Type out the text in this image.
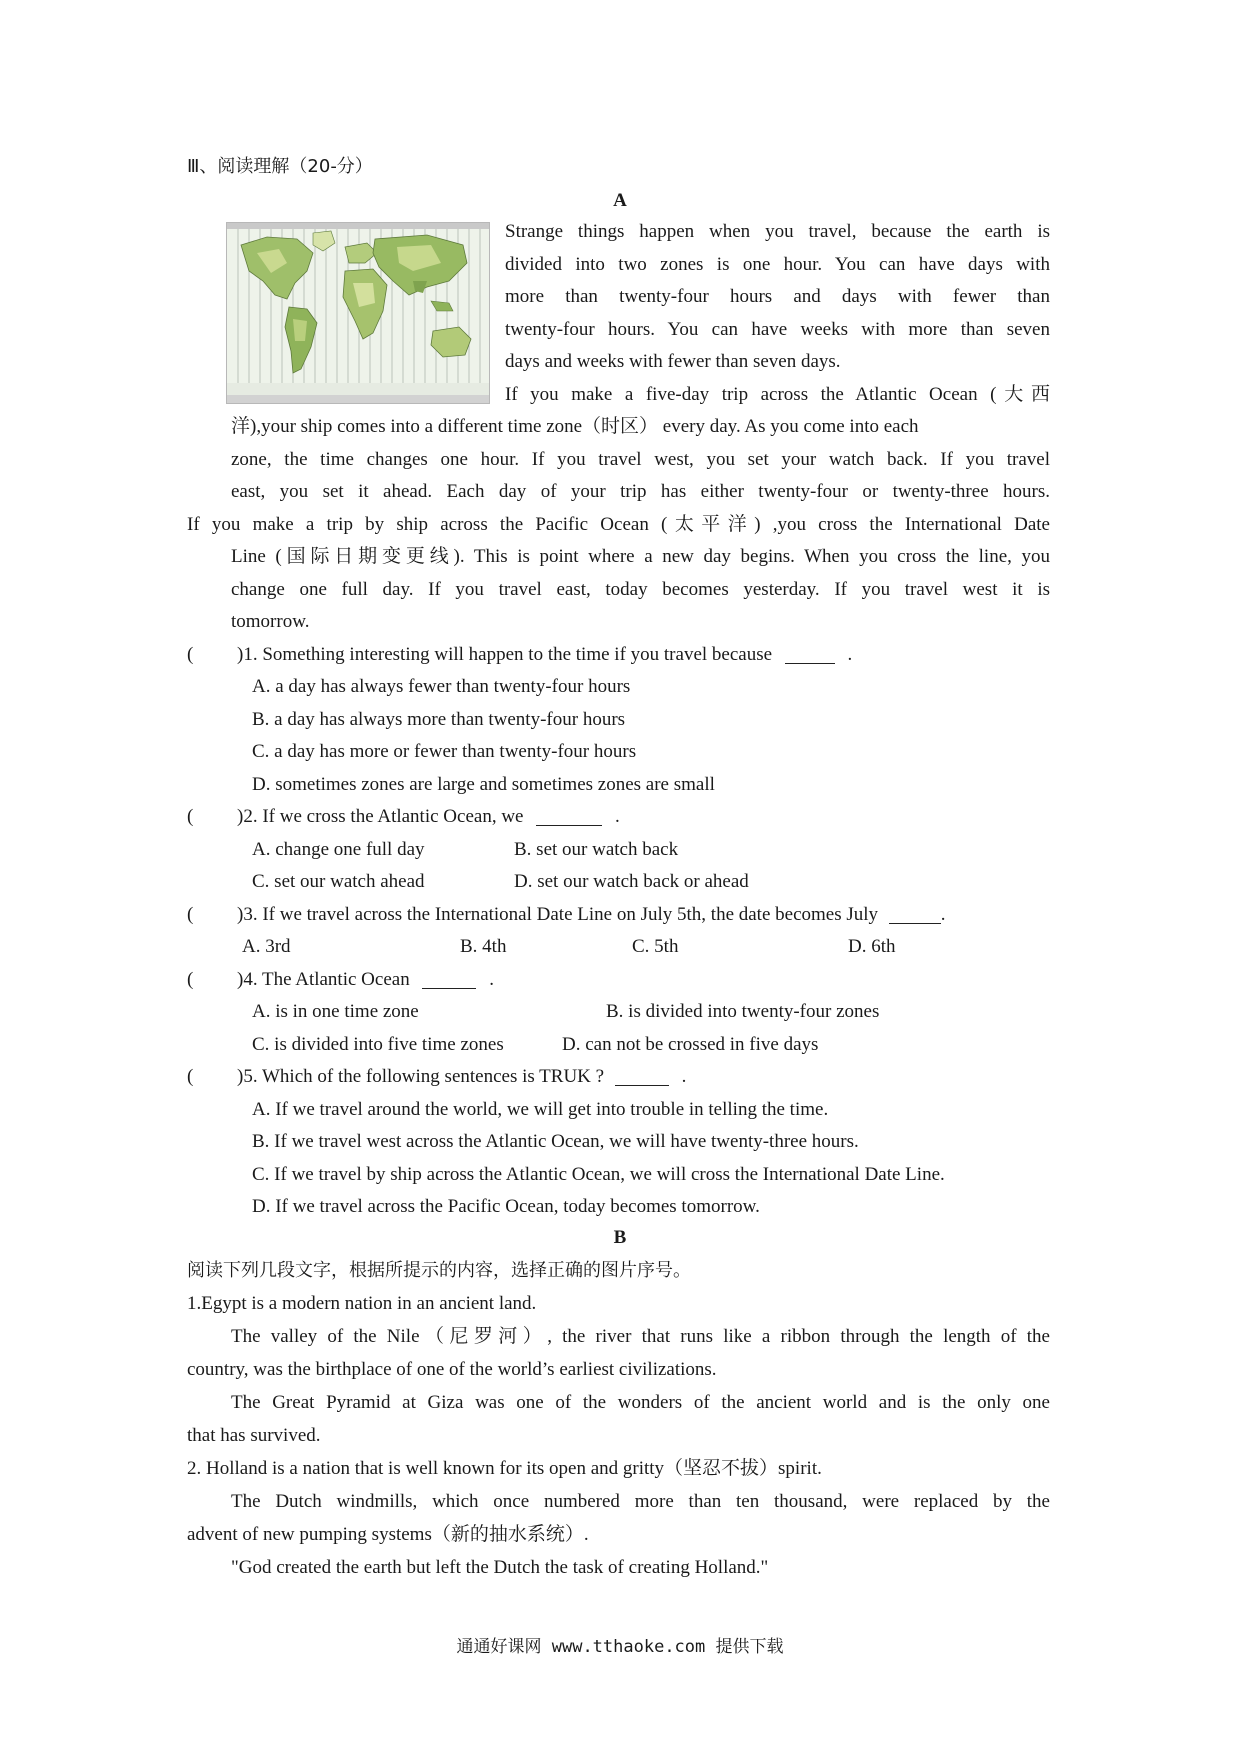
Ⅲ、阅读理解（20-分）
A
Strange things happen when you travel, because the earth is
divided into two zones is one hour. You can have days with
more than twenty-four hours and days with fewer than
twenty-four hours. You can have weeks with more than seven
days and weeks with fewer than seven days.
If you make a five-day trip across the Atlantic Ocean (大西
洋),your ship comes into a different time zone（时区） every day. As you come into each
zone, the time changes one hour. If you travel west, you set your watch back. If you travel
east, you set it ahead. Each day of your trip has either twenty-four or twenty-three hours.
If you make a trip by ship across the Pacific Ocean (太平洋) ,you cross the International Date
Line (国际日期变更线). This is point where a new day begins. When you cross the line, you
change one full day. If you travel east, today becomes yesterday. If you travel west it is
tomorrow.
( )1. Something interesting will happen to the time if you travel because	.
A. a day has always fewer than twenty-four hours
B. a day has always more than twenty-four hours
C. a day has more or fewer than twenty-four hours
D. sometimes zones are large and sometimes zones are small
( )2. If we cross the Atlantic Ocean, we	.
A. change one full day	B. set our watch back
C. set our watch ahead	D. set our watch back or ahead
( )3. If we travel across the International Date Line on July 5th, the date becomes July	.
A. 3rd	B. 4th	C. 5th	D. 6th
( )4. The Atlantic Ocean	.
A. is in one time zone	B. is divided into twenty-four zones
C. is divided into five time zones	D. can not be crossed in five days
( )5. Which of the following sentences is TRUK ?	.
A. If we travel around the world, we will get into trouble in telling the time.
B. If we travel west across the Atlantic Ocean, we will have twenty-three hours.
C. If we travel by ship across the Atlantic Ocean, we will cross the International Date Line.
D. If we travel across the Pacific Ocean, today becomes tomorrow.
B
阅读下列几段文字，根据所提示的内容，选择正确的图片序号。
1.Egypt is a modern nation in an ancient land.
The valley of the Nile（尼罗河）, the river that runs like a ribbon through the length of the
country, was the birthplace of one of the world’s earliest civilizations.
The Great Pyramid at Giza was one of the wonders of the ancient world and is the only one
that has survived.
2. Holland is a nation that is well known for its open and gritty（坚忍不拔）spirit.
The Dutch windmills, which once numbered more than ten thousand, were replaced by the
advent of new pumping systems（新的抽水系统）.
"God created the earth but left the Dutch the task of creating Holland."
通通好课网 www.tthaoke.com 提供下载
